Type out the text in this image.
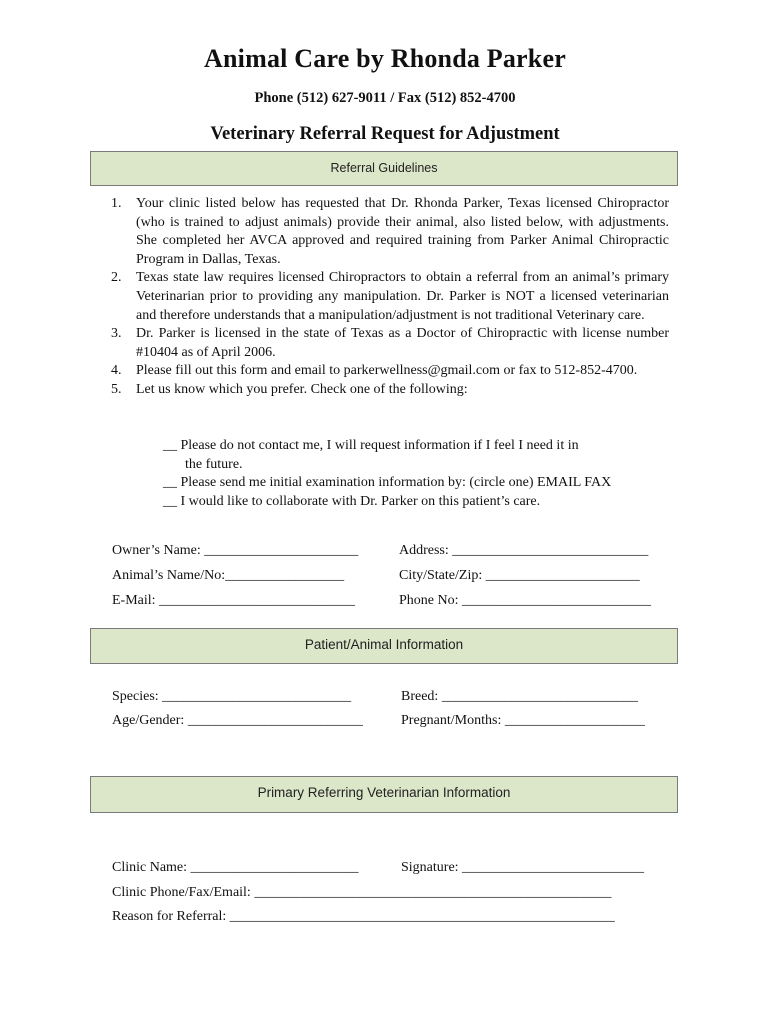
Animal Care by Rhonda Parker
Phone (512) 627-9011 / Fax (512) 852-4700
Veterinary Referral Request for Adjustment
Referral Guidelines
1. Your clinic listed below has requested that Dr. Rhonda Parker, Texas licensed Chiropractor (who is trained to adjust animals) provide their animal, also listed below, with adjustments. She completed her AVCA approved and required training from Parker Animal Chiropractic Program in Dallas, Texas.
2. Texas state law requires licensed Chiropractors to obtain a referral from an animal’s primary Veterinarian prior to providing any manipulation. Dr. Parker is NOT a licensed veterinarian and therefore understands that a manipulation/adjustment is not traditional Veterinary care.
3. Dr. Parker is licensed in the state of Texas as a Doctor of Chiropractic with license number #10404 as of April 2006.
4. Please fill out this form and email to parkerwellness@gmail.com or fax to 512-852-4700.
5. Let us know which you prefer. Check one of the following:
__ Please do not contact me, I will request information if I feel I need it in
the future.
__ Please send me initial examination information by: (circle one) EMAIL FAX
__ I would like to collaborate with Dr. Parker on this patient’s care.
Owner’s Name: ______________________	Address: ____________________________
Animal’s Name/No:_________________	City/State/Zip: ______________________
E-Mail: ____________________________	Phone No: ___________________________
Patient/Animal Information
Species: ___________________________	Breed: ____________________________
Age/Gender: _________________________	Pregnant/Months: ____________________
Primary Referring Veterinarian Information
Clinic Name: ________________________	Signature: __________________________
Clinic Phone/Fax/Email: ___________________________________________________
Reason for Referral: _______________________________________________________
